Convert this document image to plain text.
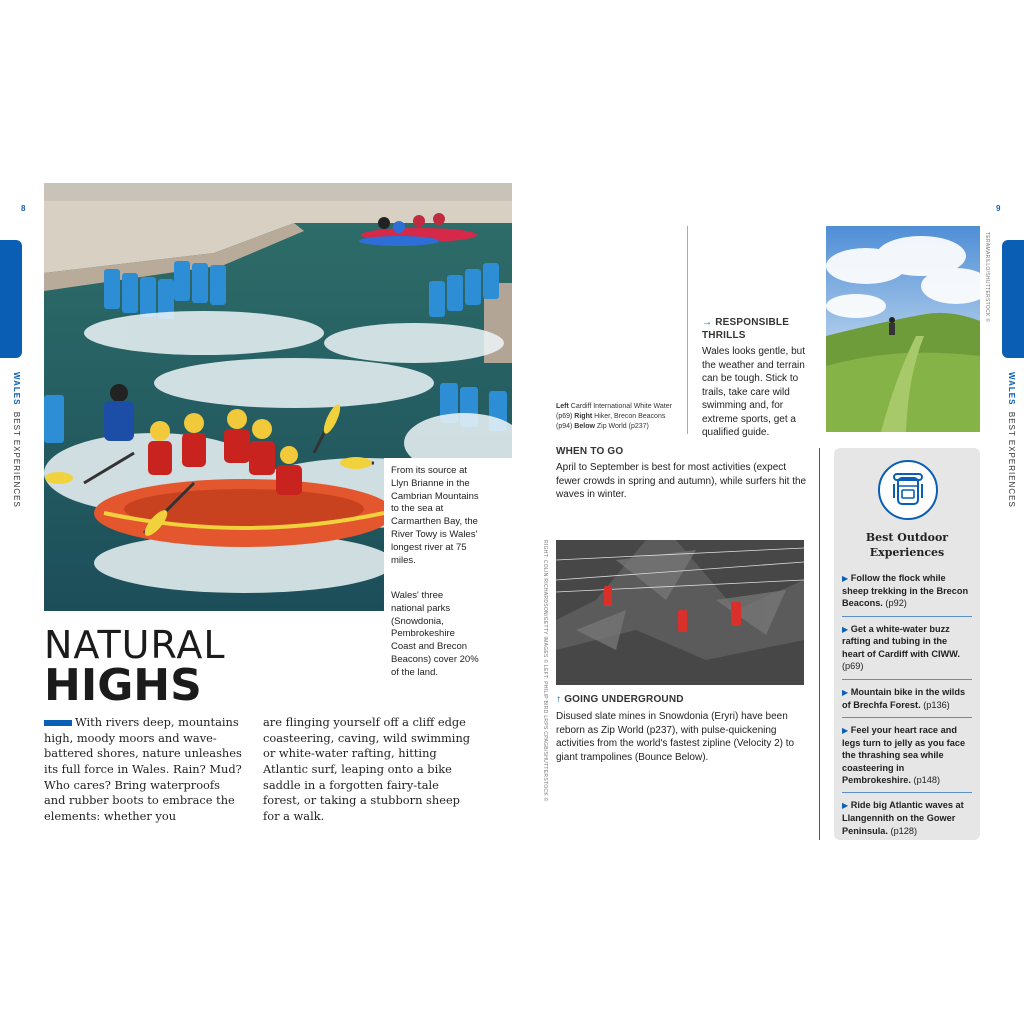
8
WALES  BEST EXPERIENCES	From its source at Llyn Brianne in the Cambrian Mountains to the sea at Carmarthen Bay, the River Towy is Wales' longest river at 75 miles.
Wales' three national parks (Snowdonia, Pembrokeshire Coast and Brecon Beacons) cover 20% of the land.
NATURAL
HIGHS
With rivers deep, mountains high, moody moors and wave-battered shores, nature unleashes its full force in Wales. Rain? Mud? Who cares? Bring waterproofs and rubber boots to embrace the elements: whether you
are flinging yourself off a cliff edge coasteering, caving, wild swimming or white-water rafting, hitting Atlantic surf, leaping onto a bike saddle in a forgotten fairy-tale forest, or taking a stubborn sheep for a walk.
9
WALES  BEST EXPERIENCES
→ RESPONSIBLE
THRILLS
Wales looks gentle, but the weather and terrain can be tough. Stick to trails, take care wild swimming and, for extreme sports, get a qualified guide.
Left Cardiff International White Water (p69) Right Hiker, Brecon Beacons (p94) Below Zip World (p237)
TERAMARILLO/SHUTTERSTOCK ©
WHEN TO GO
April to September is best for most activities (expect fewer crowds in spring and autumn), while surfers hit the waves in winter.
RIGHT: COLIN RICHARDSON/GETTY IMAGES © LEFT: PHILIP BIRD LRPS CPAGB/SHUTTERSTOCK © ↑ GOING UNDERGROUND
Disused slate mines in Snowdonia (Eryri) have been reborn as Zip World (p237), with pulse-quickening activities from the world's fastest zipline (Velocity 2) to giant trampolines (Bounce Below).
Best Outdoor
Experiences
▶ Follow the flock while sheep trekking in the Brecon Beacons. (p92)
▶ Get a white-water buzz rafting and tubing in the heart of Cardiff with CIWW. (p69)
▶ Mountain bike in the wilds of Brechfa Forest. (p136)
▶ Feel your heart race and legs turn to jelly as you face the thrashing sea while coasteering in Pembrokeshire. (p148)
▶ Ride big Atlantic waves at Llangennith on the Gower Peninsula. (p128)
